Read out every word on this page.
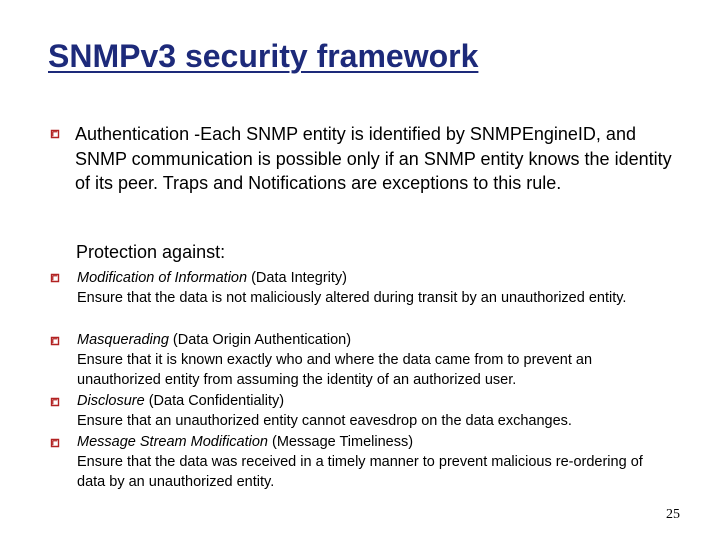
SNMPv3 security framework
Authentication -Each SNMP entity is identified by SNMPEngineID, and SNMP communication is possible only if an SNMP entity knows the identity of its peer. Traps and Notifications are exceptions to this rule.
Protection against:
Modification of Information (Data Integrity)
Ensure that the data is not maliciously altered during transit by an unauthorized entity.
Masquerading (Data Origin Authentication)
Ensure that it is known exactly who and where the data came from to prevent an unauthorized entity from assuming the identity of an authorized user.
Disclosure (Data Confidentiality)
Ensure that an unauthorized entity cannot eavesdrop on the data exchanges.
Message Stream Modification (Message Timeliness)
Ensure that the data was received in a timely manner to prevent malicious re-ordering of data by an unauthorized entity.
25
